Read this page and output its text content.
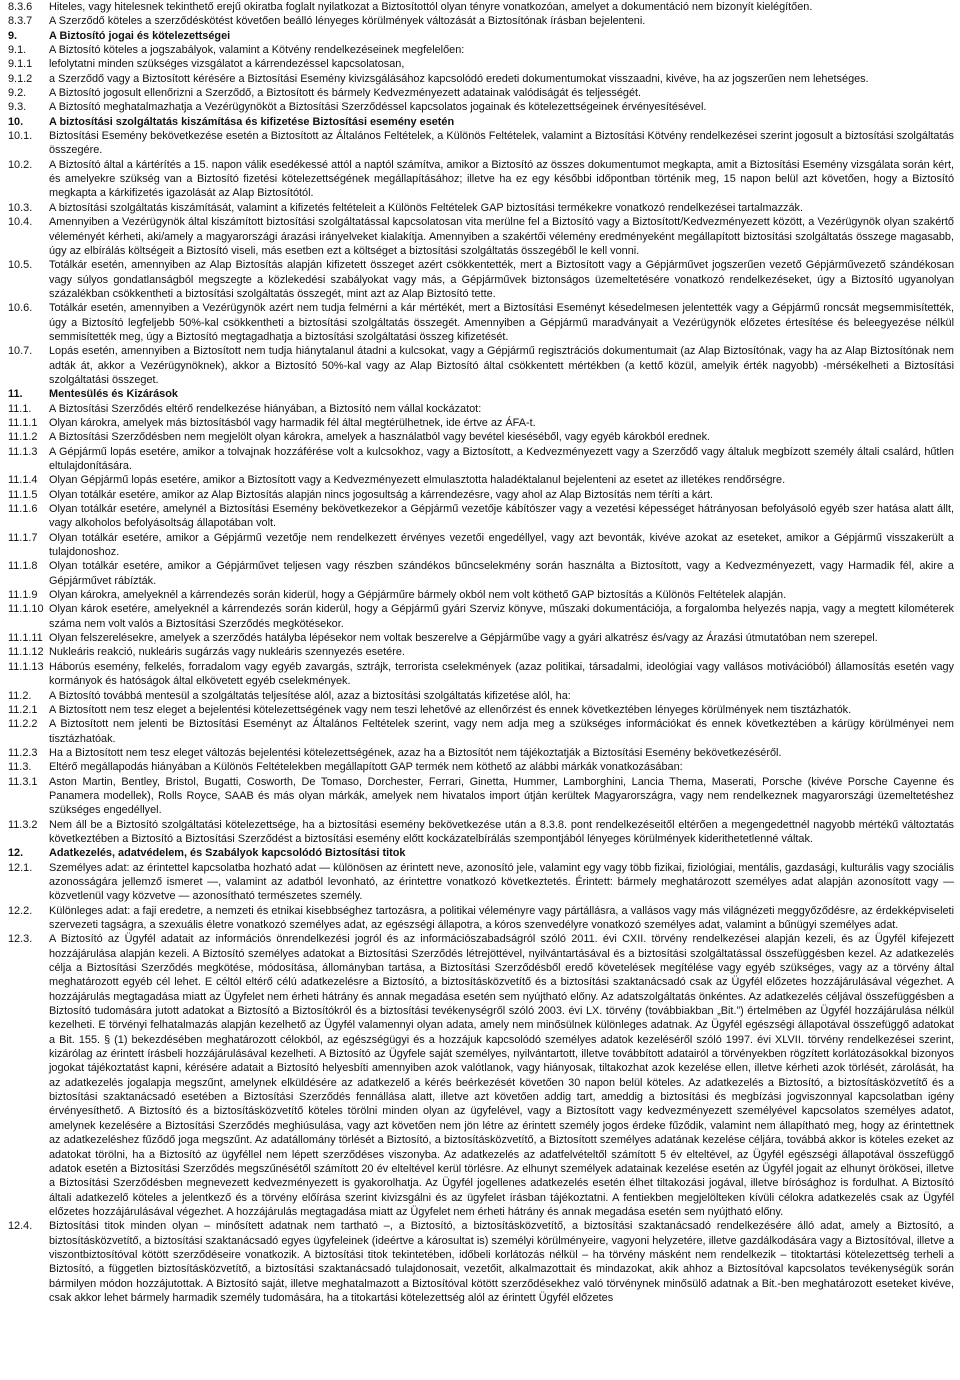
8.3.6	Hiteles, vagy hitelesnek tekinthető erejű okiratba foglalt nyilatkozat a Biztosítottól olyan tényre vonatkozóan, amelyet a dokumentáció nem bizonyít kielégítően.
8.3.7	A Szerződő köteles a szerződéskötést követően beálló lényeges körülmények változását a Biztosítónak írásban bejelenteni.
9.	A Biztosító jogai és kötelezettségei
9.1.	A Biztosító köteles a jogszabályok, valamint a Kötvény rendelkezéseinek megfelelően:
9.1.1	lefolytatni minden szükséges vizsgálatot a kárrendezéssel kapcsolatosan,
9.1.2	a Szerződő vagy a Biztosított kérésére a Biztosítási Esemény kivizsgálásához kapcsolódó eredeti dokumentumokat visszaadni, kivéve, ha az jogszerűen nem lehetséges.
9.2.	A Biztosító jogosult ellenőrizni a Szerződő, a Biztosított és bármely Kedvezményezett adatainak valódiságát és teljességét.
9.3.	A Biztosító meghatalmazhatja a Vezérügynököt a Biztosítási Szerződéssel kapcsolatos jogainak és kötelezettségeinek érvényesítésével.
10.	A biztosítási szolgáltatás kiszámítása és kifizetése Biztosítási esemény esetén
10.1.	Biztosítási Esemény bekövetkezése esetén a Biztosított az Általános Feltételek, a Különös Feltételek, valamint a Biztosítási Kötvény rendelkezései szerint jogosult a biztosítási szolgáltatás összegére.
10.2.	A Biztosító által a kártérítés a 15. napon válik esedékessé attól a naptól számítva, amikor a Biztosító az összes dokumentumot megkapta, amit a Biztosítási Esemény vizsgálata során kért, és amelyekre szükség van a Biztosító fizetési kötelezettségének megállapításához; illetve ha ez egy későbbi időpontban történik meg, 15 napon belül azt követően, hogy a Biztosító megkapta a kárkifizetés igazolását az Alap Biztosítótól.
10.3.	A biztosítási szolgáltatás kiszámítását, valamint a kifizetés feltételeit a Különös Feltételek GAP biztosítási termékekre vonatkozó rendelkezései tartalmazzák.
10.4.	Amennyiben a Vezérügynök által kiszámított biztosítási szolgáltatással kapcsolatosan vita merülne fel a Biztosító vagy a Biztosított/Kedvezményezett között, a Vezérügynök olyan szakértő véleményét kérheti, aki/amely a magyarországi árazási irányelveket kialakítja. Amennyiben a szakértői vélemény eredményeként megállapított biztosítási szolgáltatás összege magasabb, úgy az elbírálás költségeit a Biztosító viseli, más esetben ezt a költséget a biztosítási szolgáltatás összegéből le kell vonni.
10.5.	Totálkár esetén, amennyiben az Alap Biztosítás alapján kifizetett összeget azért csökkentették, mert a Biztosított vagy a Gépjárművet jogszerűen vezető Gépjárművezető szándékosan vagy súlyos gondatlanságból megszegte a közlekedési szabályokat vagy más, a Gépjárművek biztonságos üzemeltetésére vonatkozó rendelkezéseket, úgy a Biztosító ugyanolyan százalékban csökkentheti a biztosítási szolgáltatás összegét, mint azt az Alap Biztosító tette.
10.6.	Totálkár esetén, amennyiben a Vezérügynök azért nem tudja felmérni a kár mértékét, mert a Biztosítási Eseményt késedelmesen jelentették vagy a Gépjármű roncsát megsemmisítették, úgy a Biztosító legfeljebb 50%-kal csökkentheti a biztosítási szolgáltatás összegét. Amennyiben a Gépjármű maradványait a Vezérügynök előzetes értesítése és beleegyezése nélkül semmisítették meg, úgy a Biztosító megtagadhatja a biztosítási szolgáltatási összeg kifizetését.
10.7.	Lopás esetén, amennyiben a Biztosított nem tudja hiánytalanul átadni a kulcsokat, vagy a Gépjármű regisztrációs dokumentumait (az Alap Biztosítónak, vagy ha az Alap Biztosítónak nem adták át, akkor a Vezérügynöknek), akkor a Biztosító 50%-kal vagy az Alap Biztosító által csökkentett mértékben (a kettő közül, amelyik érték nagyobb) -mérsékelheti a Biztosítási szolgáltatási összeget.
11.	Mentesülés és Kizárások
11.1.	A Biztosítási Szerződés eltérő rendelkezése hiányában, a Biztosító nem vállal kockázatot:
11.1.1	Olyan károkra, amelyek más biztosításból vagy harmadik fél által megtérülhetnek, ide értve az ÁFA-t.
11.1.2	A Biztosítási Szerződésben nem megjelölt olyan károkra, amelyek a használatból vagy bevétel kieséséből, vagy egyéb károkból erednek.
11.1.3	A Gépjármű lopás esetére, amikor a tolvajnak hozzáférése volt a kulcsokhoz, vagy a Biztosított, a Kedvezményezett vagy a Szerződő vagy általuk megbízott személy általi csalárd, hűtlen eltulajdonítására.
11.1.4	Olyan Gépjármű lopás esetére, amikor a Biztosított vagy a Kedvezményezett elmulasztotta haladéktalanul bejelenteni az esetet az illetékes rendőrségre.
11.1.5	Olyan totálkár esetére, amikor az Alap Biztosítás alapján nincs jogosultság a kárrendezésre, vagy ahol az Alap Biztosítás nem téríti a kárt.
11.1.6	Olyan totálkár esetére, amelynél a Biztosítási Esemény bekövetkezekor a Gépjármű vezetője kábítószer vagy a vezetési képességet hátrányosan befolyásoló egyéb szer hatása alatt állt, vagy alkoholos befolyásoltság állapotában volt.
11.1.7	Olyan totálkár esetére, amikor a Gépjármű vezetője nem rendelkezett érvényes vezetői engedéllyel, vagy azt bevonták, kivéve azokat az eseteket, amikor a Gépjármű visszakerült a tulajdonoshoz.
11.1.8	Olyan totálkár esetére, amikor a Gépjárművet teljesen vagy részben szándékos bűncselekmény során használta a Biztosított, vagy a Kedvezményezett, vagy Harmadik fél, akire a Gépjárművet rábízták.
11.1.9	Olyan károkra, amelyeknél a kárrendezés során kiderül, hogy a Gépjárműre bármely okból nem volt köthető GAP biztosítás a Különös Feltételek alapján.
11.1.10 Olyan károk esetére, amelyeknél a kárrendezés során kiderül, hogy a Gépjármű gyári Szerviz könyve, műszaki dokumentációja, a forgalomba helyezés napja, vagy a megtett kilométerek száma nem volt valós a Biztosítási Szerződés megkötésekor.
11.1.11 Olyan felszerelésekre, amelyek a szerződés hatályba lépésekor nem voltak beszerelve a Gépjárműbe vagy a gyári alkatrész és/vagy az Árazási útmutatóban nem szerepel.
11.1.12 Nukleáris reakció, nukleáris sugárzás vagy nukleáris szennyezés esetére.
11.1.13 Háborús esemény, felkelés, forradalom vagy egyéb zavargás, sztrájk, terrorista cselekmények (azaz politikai, társadalmi, ideológiai vagy vallásos motivációból) államosítás esetén vagy kormányok és hatóságok által elkövetett egyéb cselekmények.
11.2.	A Biztosító továbbá mentesül a szolgáltatás teljesítése alól, azaz a biztosítási szolgáltatás kifizetése alól, ha:
11.2.1	A Biztosított nem tesz eleget a bejelentési kötelezettségének vagy nem teszi lehetővé az ellenőrzést és ennek következtében lényeges körülmények nem tisztázhatók.
11.2.2	A Biztosított nem jelenti be Biztosítási Eseményt az Általános Feltételek szerint, vagy nem adja meg a szükséges információkat és ennek következtében a kárügy körülményei nem tisztázhatóak.
11.2.3	Ha a Biztosított nem tesz eleget változás bejelentési kötelezettségének, azaz ha a Biztosítót nem tájékoztatják a Biztosítási Esemény bekövetkezéséről.
11.3.	Eltérő megállapodás hiányában a Különös Feltételekben megállapított GAP termék nem köthető az alábbi márkák vonatkozásában:
11.3.1	Aston Martin, Bentley, Bristol, Bugatti, Cosworth, De Tomaso, Dorchester, Ferrari, Ginetta, Hummer, Lamborghini, Lancia Thema, Maserati, Porsche (kivéve Porsche Cayenne és Panamera modellek), Rolls Royce, SAAB és más olyan márkák, amelyek nem hivatalos import útján kerültek Magyarországra, vagy nem rendelkeznek magyarországi üzemeltetéshez szükséges engedéllyel.
11.3.2	Nem áll be a Biztosító szolgáltatási kötelezettsége, ha a biztosítási esemény bekövetkezése után a 8.3.8. pont rendelkezéseitől eltérően a megengedettnél nagyobb mértékű változtatás következtében a Biztosító a Biztosítási Szerződést a biztosítási esemény előtt kockázatelbírálás szempontjából lényeges körülmények kiderithetetlenné váltak.
12.	Adatkezelés, adatvédelem, és Szabályok kapcsolódó Biztosítási titok
12.1.	Személyes adat: az érintettel kapcsolatba hozható adat — különösen az érintett neve, azonosító jele, valamint egy vagy több fizikai, fiziológiai, mentális, gazdasági, kulturális vagy szociális azonosságára jellemző ismeret —, valamint az adatból levonható, az érintettre vonatkozó következtetés. Érintett: bármely meghatározott személyes adat alapján azonosított vagy — közvetlenül vagy közvetve — azonosítható természetes személy.
12.2.	Különleges adat: a faji eredetre, a nemzeti és etnikai kisebbséghez tartozásra, a politikai véleményre vagy pártállásra, a vallásos vagy más világnézeti meggyőződésre, az érdekképviseleti szervezeti tagságra, a szexuális életre vonatkozó személyes adat, az egészségi állapotra, a kóros szenvedélyre vonatkozó személyes adat, valamint a bűnügyi személyes adat.
12.3.	A Biztosító az Ügyfél adatait az információs önrendelkezési jogról és az információszabadságról szóló 2011. évi CXII. törvény rendelkezései alapján kezeli, és az Ügyfél kifejezett hozzájárulása alapján kezeli. A Biztosító személyes adatokat a Biztosítási Szerződés létrejöttével, nyilvántartásával és a biztosítási szolgáltatással összefüggésben kezel. Az adatkezelés célja a Biztosítási Szerződés megkötése, módosítása, állományban tartása, a Biztosítási Szerződésből eredő követelések megítélése vagy egyéb szükséges, vagy az a törvény által meghatározott egyéb cél lehet. E céltól eltérő célú adatkezelésre a Biztosító, a biztosításközvetítő és a biztosítási szaktanácsadó csak az Ügyfél előzetes hozzájárulásával végezhet. A hozzájárulás megtagadása miatt az Ügyfelet nem érheti hátrány és annak megadása esetén sem nyújtható előny. Az adatszolgáltatás önkéntes. Az adatkezelés céljával összefüggésben a Biztosító tudomására jutott adatokat a Biztosító a Biztosítókról és a biztosítási tevékenységről szóló 2003. évi LX. törvény (továbbiakban „Bit.”) értelmében az Ügyfél hozzájárulása nélkül kezelheti. E törvényi felhatalmazás alapján kezelhető az Ügyfél valamennyi olyan adata, amely nem minősülnek különleges adatnak. Az Ügyfél egészségi állapotával összefüggő adatokat a Bit. 155. § (1) bekezdésében meghatározott célokból, az egészségügyi és a hozzájuk kapcsolódó személyes adatok kezeléséről szóló 1997. évi XLVII. törvény rendelkezései szerint, kizárólag az érintett írásbeli hozzájárulásával kezelheti. A Biztosító az Ügyfele saját személyes, nyilvántartott, illetve továbbított adatairól a törvényekben rögzített korlátozásokkal bizonyos jogokat tájékoztatást kapni, kérésére adatait a Biztosító helyesbíti amennyiben azok valótlanok, vagy hiányosak, tiltakozhat azok kezelése ellen, illetve kérheti azok törlését, zárolását, ha az adatkezelés jogalapja megszűnt, amelynek elküldésére az adatkezelő a kérés beérkezését követően 30 napon belül köteles. Az adatkezelés a Biztosító, a biztosításközvetítő és a biztosítási szaktanácsadó esetében a Biztosítási Szerződés fennállása alatt, illetve azt követően addig tart, ameddig a biztosítási és megbízási jogviszonnyal kapcsolatban igény érvényesíthető. A Biztosító és a biztosításközvetítő köteles törölni minden olyan az ügyfelével, vagy a Biztosított vagy kedvezményezett személyével kapcsolatos személyes adatot, amelynek kezelésére a Biztosítási Szerződés meghiúsulása, vagy azt követően nem jön létre az érintett személy jogos érdeke fűződik, valamint nem állapítható meg, hogy az érintettnek az adatkezeléshez fűződő joga megszűnt. Az adatállomány törlését a Biztosító, a biztosításközvetítő, a Biztosított személyes adatának kezelése céljára, továbbá akkor is köteles ezeket az adatokat törölni, ha a Biztosító az ügyféllel nem lépett szerződéses viszonyba. Az adatkezelés az adatfelvételtől számított 5 év elteltével, az Ügyfél egészségi állapotával összefüggő adatok esetén a Biztosítási Szerződés megszűnésétől számított 20 év elteltével kerül törlésre. Az elhunyt személyek adatainak kezelése esetén az Ügyfél jogait az elhunyt örökösei, illetve a Biztosítási Szerződésben megnevezett kedvezményezett is gyakorolhatja. Az Ügyfél jogellenes adatkezelés esetén élhet tiltakozási jogával, illetve bírósághoz is fordulhat. A Biztosító általi adatkezelő köteles a jelentkező és a törvény előírása szerint kivizsgálni és az ügyfelet írásban tájékoztatni. A fentiekben megjelölteken kívüli célokra adatkezelés csak az Ügyfél előzetes hozzájárulásával végezhet. A hozzájárulás megtagadása miatt az Ügyfelet nem érheti hátrány és annak megadása esetén sem nyújtható előny.
12.4.	Biztosítási titok minden olyan – minősített adatnak nem tartható –, a Biztosító, a biztosításközvetítő, a biztosítási szaktanácsadó rendelkezésére álló adat, amely a Biztosító, a biztosításközvetítő, a biztosítási szaktanácsadó egyes ügyfeleinek (ideértve a károsultat is) személyi körülményeire, vagyoni helyzetére, illetve gazdálkodására vagy a Biztosítóval, illetve a viszontbiztosítóval kötött szerződéseire vonatkozik. A biztosítási titok tekintetében, időbeli korlátozás nélkül – ha törvény másként nem rendelkezik – titoktartási kötelezettség terheli a Biztosító, a független biztosításközvetítő, a biztosítási szaktanácsadó tulajdonosait, vezetőit, alkalmazottait és mindazokat, akik ahhoz a Biztosítóval kapcsolatos tevékenységük során bármilyen módon hozzájutottak. A Biztosító saját, illetve meghatalmazott a Biztosítóval kötött szerződésekhez való törvénynek minősülő adatnak a Bit.-ben meghatározott eseteket kivéve, csak akkor lehet bármely harmadik személy tudomására, ha a titokartási kötelezettség alól az érintett Ügyfél előzetes
